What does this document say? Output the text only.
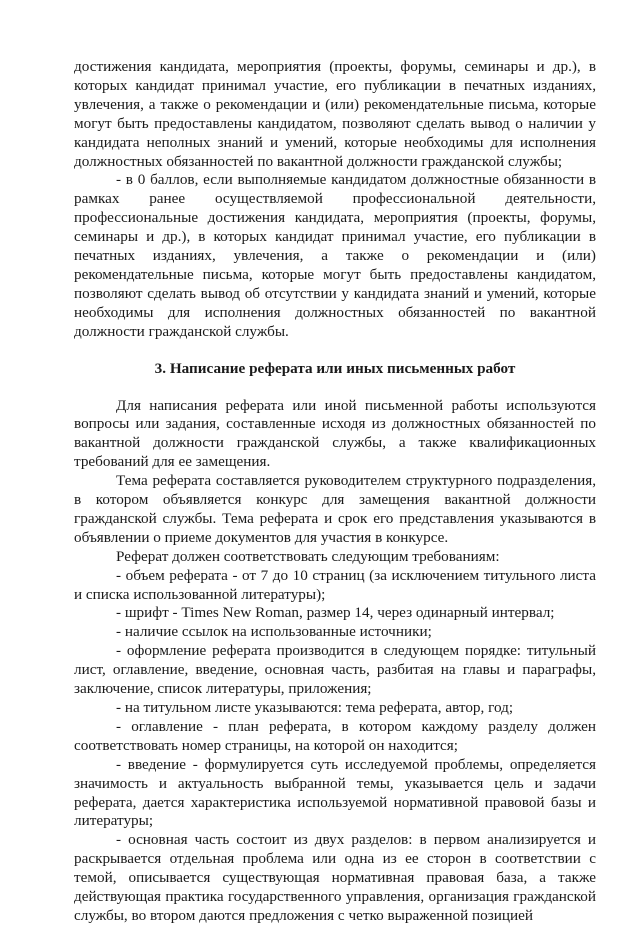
достижения кандидата, мероприятия (проекты, форумы, семинары и др.), в которых кандидат принимал участие, его публикации в печатных изданиях, увлечения, а также о рекомендации и (или) рекомендательные письма, которые могут быть предоставлены кандидатом, позволяют сделать вывод о наличии у кандидата неполных знаний и умений, которые необходимы для исполнения должностных обязанностей по вакантной должности гражданской службы;

- в 0 баллов, если выполняемые кандидатом должностные обязанности в рамках ранее осуществляемой профессиональной деятельности, профессиональные достижения кандидата, мероприятия (проекты, форумы, семинары и др.), в которых кандидат принимал участие, его публикации в печатных изданиях, увлечения, а также о рекомендации и (или) рекомендательные письма, которые могут быть предоставлены кандидатом, позволяют сделать вывод об отсутствии у кандидата знаний и умений, которые необходимы для исполнения должностных обязанностей по вакантной должности гражданской службы.

3. Написание реферата или иных письменных работ

Для написания реферата или иной письменной работы используются вопросы или задания, составленные исходя из должностных обязанностей по вакантной должности гражданской службы, а также квалификационных требований для ее замещения.

Тема реферата составляется руководителем структурного подразделения, в котором объявляется конкурс для замещения вакантной должности гражданской службы. Тема реферата и срок его представления указываются в объявлении о приеме документов для участия в конкурсе.

Реферат должен соответствовать следующим требованиям:

- объем реферата - от 7 до 10 страниц (за исключением титульного листа и списка использованной литературы);

- шрифт - Times New Roman, размер 14, через одинарный интервал;

- наличие ссылок на использованные источники;

- оформление реферата производится в следующем порядке: титульный лист, оглавление, введение, основная часть, разбитая на главы и параграфы, заключение, список литературы, приложения;

- на титульном листе указываются: тема реферата, автор, год;

- оглавление - план реферата, в котором каждому разделу должен соответствовать номер страницы, на которой он находится;

- введение - формулируется суть исследуемой проблемы, определяется значимость и актуальность выбранной темы, указывается цель и задачи реферата, дается характеристика используемой нормативной правовой базы и литературы;

- основная часть состоит из двух разделов: в первом анализируется и раскрывается отдельная проблема или одна из ее сторон в соответствии с темой, описывается существующая нормативная правовая база, а также действующая практика государственного управления, организация гражданской службы, во втором даются предложения с четко выраженной позицией
